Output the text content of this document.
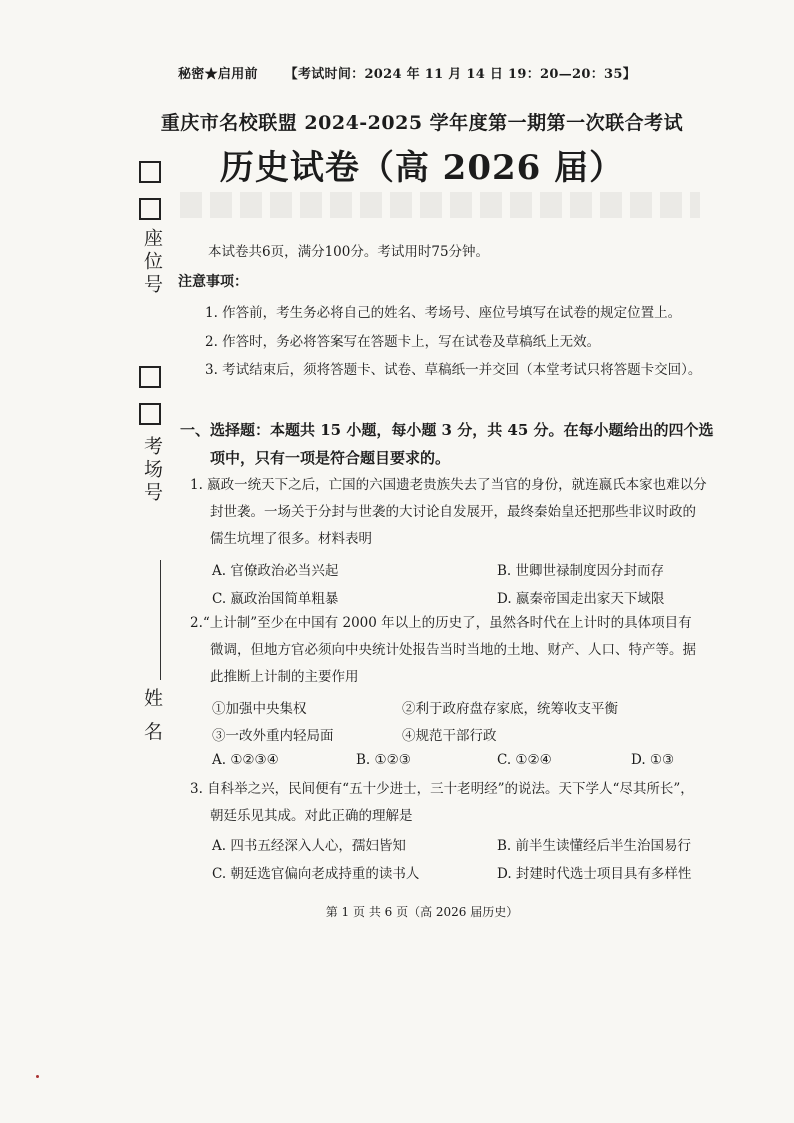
座位号
考场号
姓 名
秘密★启用前 【考试时间：2024 年 11 月 14 日 19：20—20：35】
重庆市名校联盟 2024-2025 学年度第一期第一次联合考试
历史试卷（高 2026 届）
本试卷共6页，满分100分。考试用时75分钟。
注意事项：
1. 作答前，考生务必将自己的姓名、考场号、座位号填写在试卷的规定位置上。
2. 作答时，务必将答案写在答题卡上，写在试卷及草稿纸上无效。
3. 考试结束后，须将答题卡、试卷、草稿纸一并交回（本堂考试只将答题卡交回）。
一、选择题：本题共 15 小题，每小题 3 分，共 45 分。在每小题给出的四个选
项中，只有一项是符合题目要求的。
1. 嬴政一统天下之后，亡国的六国遗老贵族失去了当官的身份，就连嬴氏本家也难以分
封世袭。一场关于分封与世袭的大讨论自发展开，最终秦始皇还把那些非议时政的
儒生坑埋了很多。材料表明
A. 官僚政治必当兴起	B. 世卿世禄制度因分封而存
C. 嬴政治国简单粗暴	D. 嬴秦帝国走出家天下域限
2.“上计制”至少在中国有 2000 年以上的历史了，虽然各时代在上计时的具体项目有
微调，但地方官必须向中央统计处报告当时当地的土地、财产、人口、特产等。据
此推断上计制的主要作用
①加强中央集权	②利于政府盘存家底，统筹收支平衡
③一改外重内轻局面	④规范干部行政
A. ①②③④	B. ①②③	C. ①②④	D. ①③
3. 自科举之兴，民间便有“五十少进士，三十老明经”的说法。天下学人“尽其所长”，
朝廷乐见其成。对此正确的理解是
A. 四书五经深入人心，孺妇皆知	B. 前半生读懂经后半生治国易行
C. 朝廷选官偏向老成持重的读书人	D. 封建时代选士项目具有多样性
第 1 页 共 6 页（高 2026 届历史）
